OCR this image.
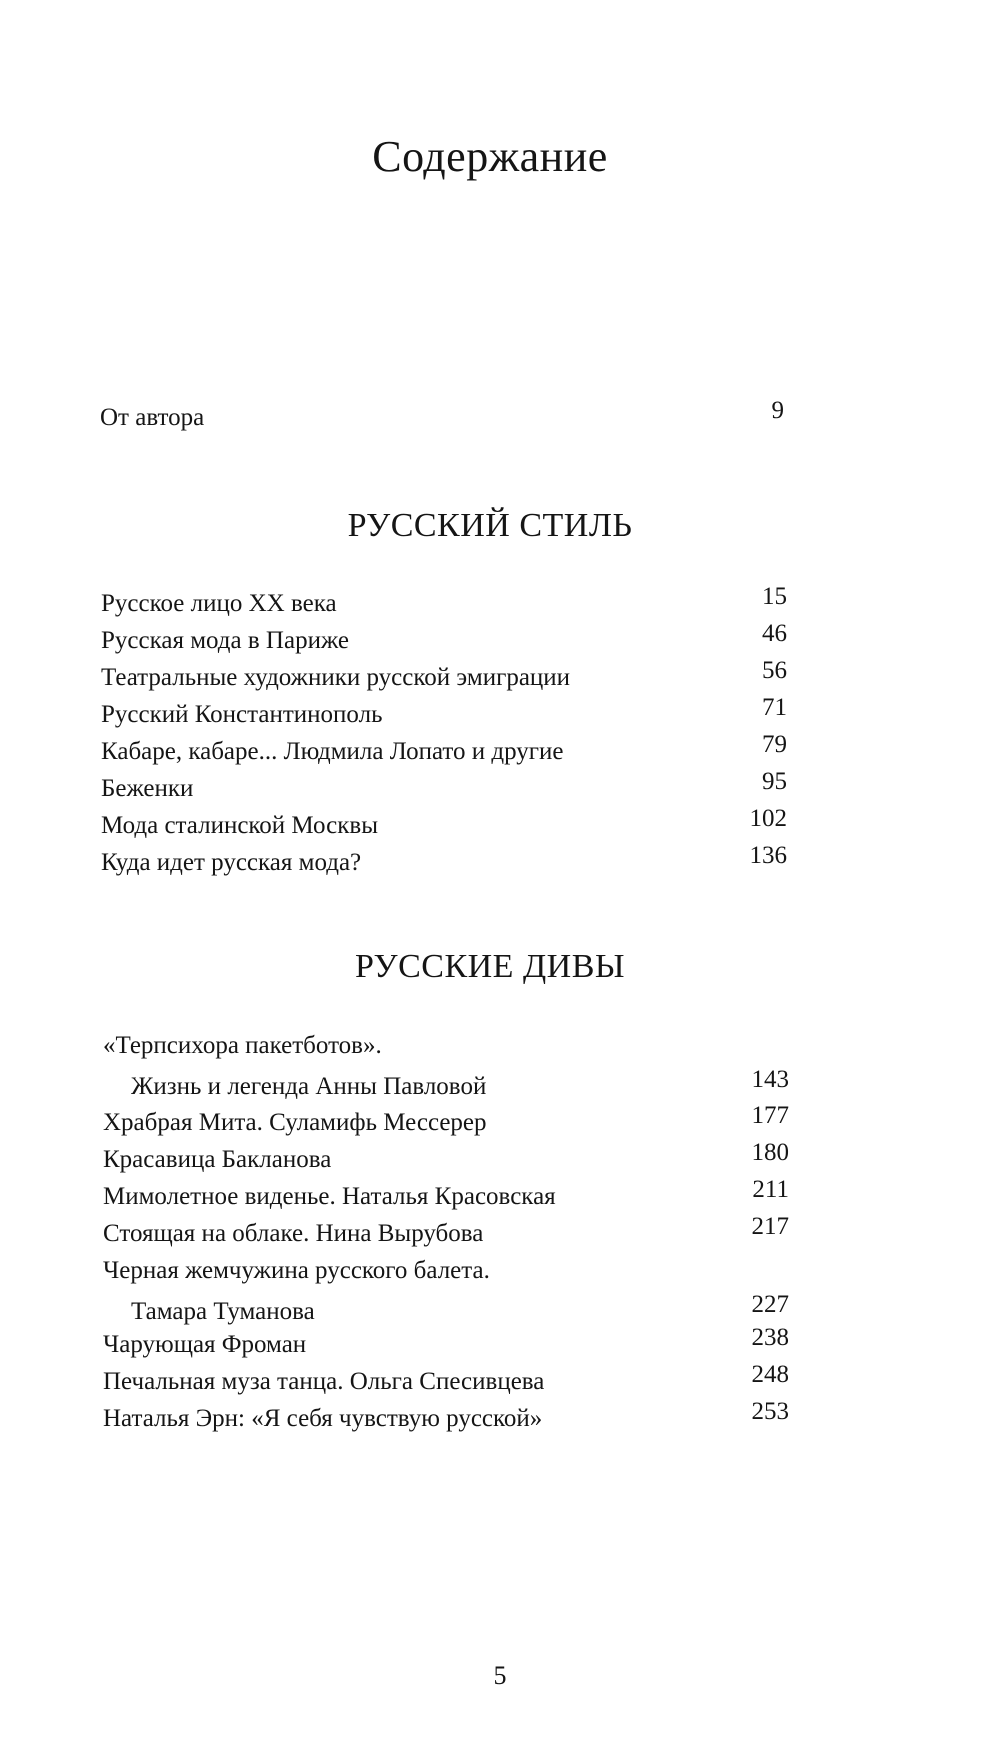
Содержание
От автора	9
РУССКИЙ СТИЛЬ
Русское лицо XX века	15
Русская мода в Париже	46
Театральные художники русской эмиграции	56
Русский Константинополь	71
Кабаре, кабаре... Людмила Лопато и другие	79
Беженки	95
Мода сталинской Москвы	102
Куда идет русская мода?	136
РУССКИЕ ДИВЫ
«Терпсихора пакетботов».
Жизнь и легенда Анны Павловой	143
Храбрая Мита. Суламифь Мессерер	177
Красавица Бакланова	180
Мимолетное виденье. Наталья Красовская	211
Стоящая на облаке. Нина Вырубова	217
Черная жемчужина русского балета.
Тамара Туманова	227
Чарующая Фроман	238
Печальная муза танца. Ольга Спесивцева	248
Наталья Эрн: «Я себя чувствую русской»	253
5
